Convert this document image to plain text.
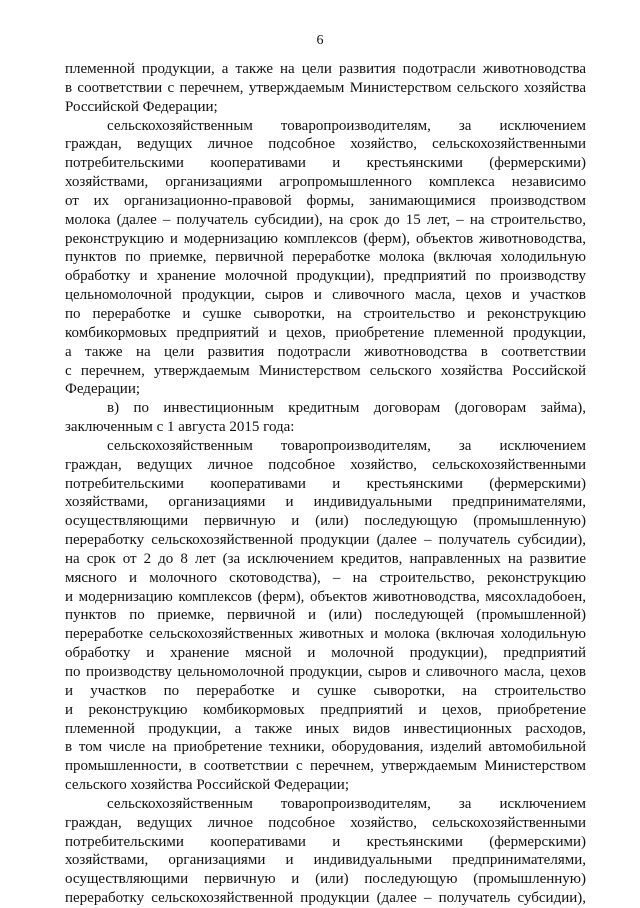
6

племенной продукции, а также на цели развития подотрасли животноводства

в соответствии с перечнем, утверждаемым Министерством сельского хозяйства

Российской Федерации;

сельскохозяйственным товаропроизводителям, за исключением

граждан, ведущих личное подсобное хозяйство, сельскохозяйственными

потребительскими кооперативами и крестьянскими (фермерскими)

хозяйствами, организациями агропромышленного комплекса независимо

от их организационно-правовой формы, занимающимися производством

молока (далее – получатель субсидии), на срок до 15 лет, – на строительство,

реконструкцию и модернизацию комплексов (ферм), объектов животноводства,

пунктов по приемке, первичной переработке молока (включая холодильную

обработку и хранение молочной продукции), предприятий по производству

цельномолочной продукции, сыров и сливочного масла, цехов и участков

по переработке и сушке сыворотки, на строительство и реконструкцию

комбикормовых предприятий и цехов, приобретение племенной продукции,

а также на цели развития подотрасли животноводства в соответствии

с перечнем, утверждаемым Министерством сельского хозяйства Российской

Федерации;

в) по инвестиционным кредитным договорам (договорам займа),

заключенным с 1 августа 2015 года:

сельскохозяйственным товаропроизводителям, за исключением

граждан, ведущих личное подсобное хозяйство, сельскохозяйственными

потребительскими кооперативами и крестьянскими (фермерскими)

хозяйствами, организациями и индивидуальными предпринимателями,

осуществляющими первичную и (или) последующую (промышленную)

переработку сельскохозяйственной продукции (далее – получатель субсидии),

на срок от 2 до 8 лет (за исключением кредитов, направленных на развитие

мясного и молочного скотоводства), – на строительство, реконструкцию

и модернизацию комплексов (ферм), объектов животноводства, мясохладобоен,

пунктов по приемке, первичной и (или) последующей (промышленной)

переработке сельскохозяйственных животных и молока (включая холодильную

обработку и хранение мясной и молочной продукции), предприятий

по производству цельномолочной продукции, сыров и сливочного масла, цехов

и участков по переработке и сушке сыворотки, на строительство

и реконструкцию комбикормовых предприятий и цехов, приобретение

племенной продукции, а также иных видов инвестиционных расходов,

в том числе на приобретение техники, оборудования, изделий автомобильной

промышленности, в соответствии с перечнем, утверждаемым Министерством

сельского хозяйства Российской Федерации;

сельскохозяйственным товаропроизводителям, за исключением

граждан, ведущих личное подсобное хозяйство, сельскохозяйственными

потребительскими кооперативами и крестьянскими (фермерскими)

хозяйствами, организациями и индивидуальными предпринимателями,

осуществляющими первичную и (или) последующую (промышленную)

переработку сельскохозяйственной продукции (далее – получатель субсидии),
